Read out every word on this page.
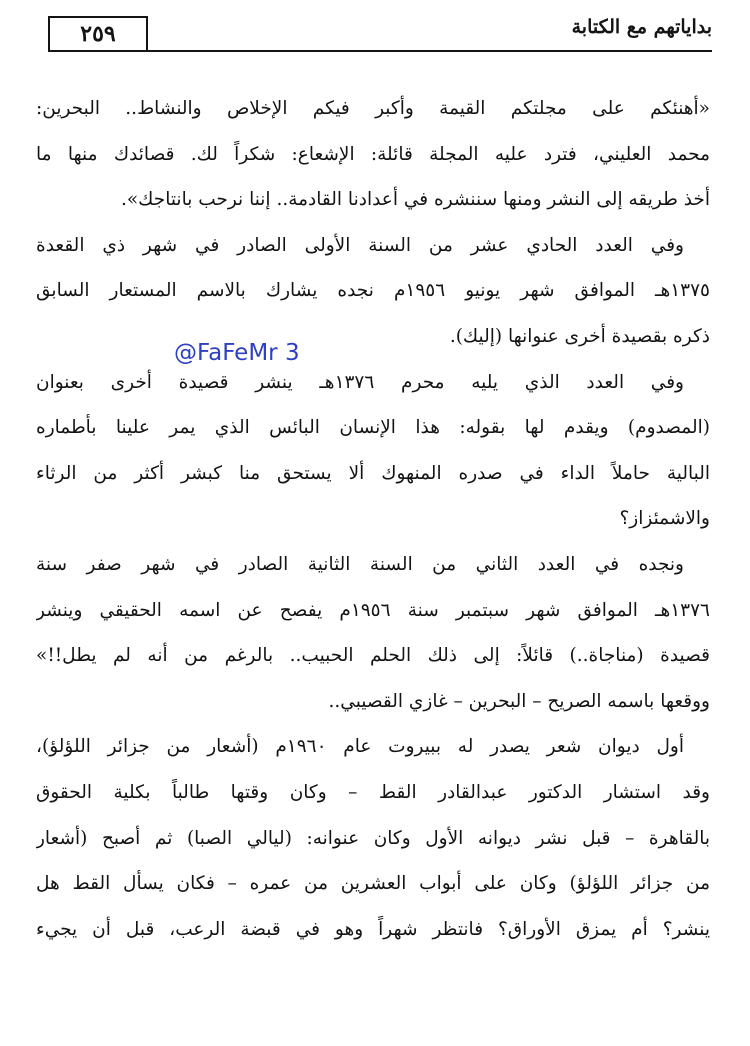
بداياتهم مع الكتابة
٢٥٩
«أهنئكم على مجلتكم القيمة وأكبر فيكم الإخلاص والنشاط.. البحرين:
محمد العليني، فترد عليه المجلة قائلة: الإشعاع: شكراً لك. قصائدك منها ما
أخذ طريقه إلى النشر ومنها سننشره في أعدادنا القادمة.. إننا نرحب بانتاجك».
وفي العدد الحادي عشر من السنة الأولى الصادر في شهر ذي القعدة
١٣٧٥هـ الموافق شهر يونيو ١٩٥٦م نجده يشارك بالاسم المستعار السابق
ذكره بقصيدة أخرى عنوانها (إليك).
وفي العدد الذي يليه محرم ١٣٧٦هـ ينشر قصيدة أخرى بعنوان
(المصدوم) ويقدم لها بقوله: هذا الإنسان البائس الذي يمر علينا بأطماره
البالية حاملاً الداء في صدره المنهوك ألا يستحق منا كبشر أكثر من الرثاء
والاشمئزاز؟
ونجده في العدد الثاني من السنة الثانية الصادر في شهر صفر سنة
١٣٧٦هـ الموافق شهر سبتمبر سنة ١٩٥٦م يفصح عن اسمه الحقيقي وينشر
قصيدة (مناجاة..) قائلاً: إلى ذلك الحلم الحبيب.. بالرغم من أنه لم يطل!!»
ووقعها باسمه الصريح – البحرين – غازي القصيبي..
أول ديوان شعر يصدر له ببيروت عام ١٩٦٠م (أشعار من جزائر اللؤلؤ)،
وقد استشار الدكتور عبدالقادر القط – وكان وقتها طالباً بكلية الحقوق
بالقاهرة – قبل نشر ديوانه الأول وكان عنوانه: (ليالي الصبا) ثم أصبح (أشعار
من جزائر اللؤلؤ) وكان على أبواب العشرين من عمره – فكان يسأل القط هل
ينشر؟ أم يمزق الأوراق؟ فانتظر شهراً وهو في قبضة الرعب، قبل أن يجيء
@FaFeMr 3
